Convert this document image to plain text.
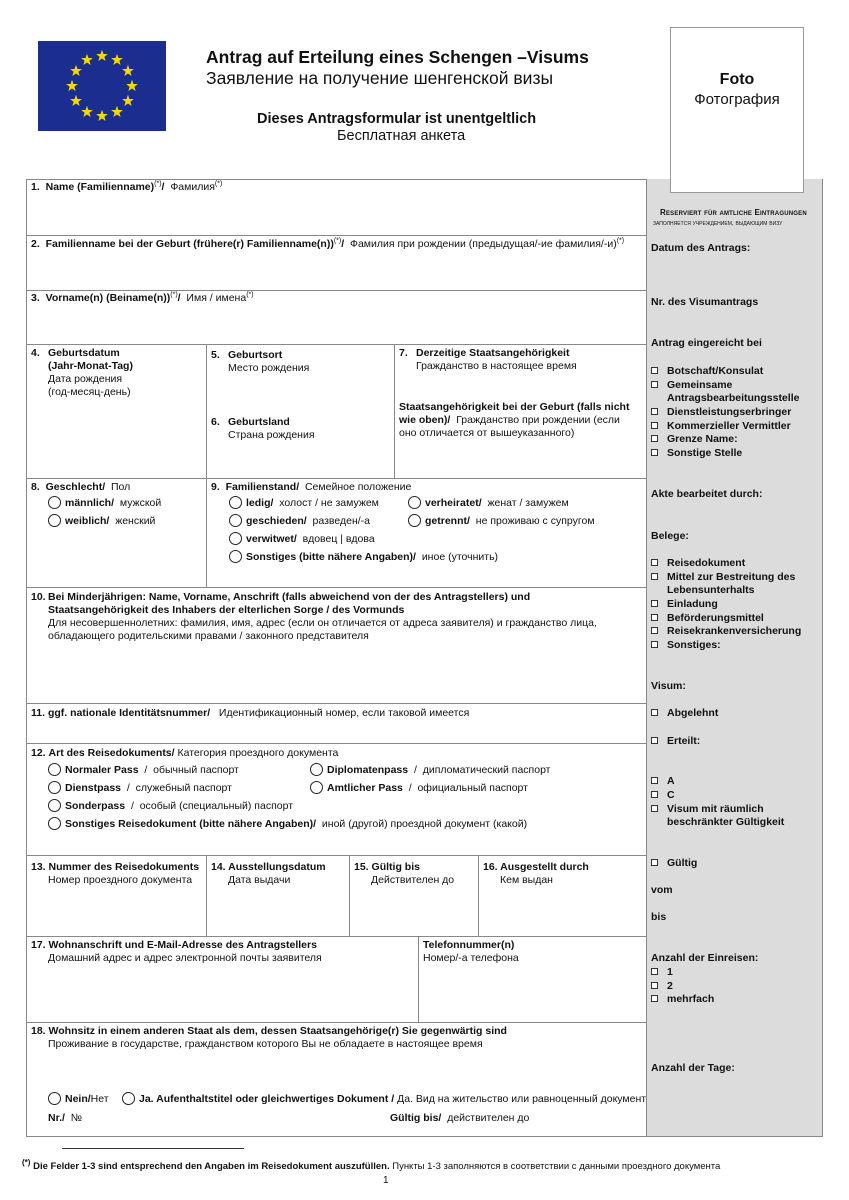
Antrag auf Erteilung eines Schengen –Visums
Заявление на получение шенгенской визы
Dieses Antragsformular ist unentgeltlich
Бесплатная анкета
Foto
Фотография
Reserviert für amtliche Eintragungen
заполняется учреждением, выдающим визу
Datum des Antrags:
Nr. des Visumantrags
Antrag eingereicht bei
Botschaft/Konsulat
Gemeinsame
Antragsbearbeitungsstelle
Dienstleistungserbringer
Kommerzieller Vermittler
Grenze Name:
Sonstige Stelle
Akte bearbeitet durch:
Belege:
Reisedokument
Mittel zur Bestreitung des
Lebensunterhalts
Einladung
Beförderungsmittel
Reisekrankenversicherung
Sonstiges:
Visum:
Abgelehnt
Erteilt:
A
C
Visum mit räumlich
beschränkter Gültigkeit
Gültig
vom
bis
Anzahl der Einreisen:
1
2
mehrfach
Anzahl der Tage:
1. Name (Familienname)(*)/ Фамилия(*)
2. Familienname bei der Geburt (frühere(r) Familienname(n))(*)/ Фамилия при рождении (предыдущая/-ие фамилия/-и)(*)
3. Vorname(n) (Beiname(n))(*)/ Имя / имена(*)
4. Geburtsdatum
(Jahr-Monat-Tag)
Дата рождения
(год-месяц-день)
5. Geburtsort
Место рождения
6. Geburtsland
Страна рождения
7. Derzeitige Staatsangehörigkeit
Гражданство в настоящее время
Staatsangehörigkeit bei der Geburt (falls nicht
wie oben)/ Гражданство при рождении (если
оно отличается от вышеуказанного)
8. Geschlecht/ Пол
männlich/ мужской
weiblich/ женский
9. Familienstand/ Семейное положение
ledig/ холост / не замужем	verheiratet/ женат / замужем
geschieden/ разведен/-а	getrennt/ не проживаю с супругом
verwitwet/ вдовец | вдова
Sonstiges (bitte nähere Angaben)/ иное (уточнить)
10. Bei Minderjährigen: Name, Vorname, Anschrift (falls abweichend von der des Antragstellers) und
Staatsangehörigkeit des Inhabers der elterlichen Sorge / des Vormunds
Для несовершеннолетних: фамилия, имя, адрес (если он отличается от адреса заявителя) и гражданство лица,
обладающего родительскими правами / законного представителя
11. ggf. nationale Identitätsnummer/ Идентификационный номер, если таковой имеется
12. Art des Reisedokuments/ Категория проездного документа
Normaler Pass  /  обычный паспорт	Diplomatenpass  /  дипломатический паспорт
Dienstpass  /  служебный паспорт	Amtlicher Pass  /  официальный паспорт
Sonderpass  /  особый (специальный) паспорт
Sonstiges Reisedokument (bitte nähere Angaben)/ иной (другой) проездной документ (какой)
13. Nummer des Reisedokuments
Номер проездного документа
14. Ausstellungsdatum
Дата выдачи
15. Gültig bis
Действителен до
16. Ausgestellt durch
Кем выдан
17. Wohnanschrift und E-Mail-Adresse des Antragstellers
Домашний адрес и адрес электронной почты заявителя
Telefonnummer(n)
Номер/-а телефона
18. Wohnsitz in einem anderen Staat als dem, dessen Staatsangehörige(r) Sie gegenwärtig sind
Проживание в государстве, гражданством которого Вы не обладаете в настоящее время
Nein/Нет	Ja. Aufenthaltstitel oder gleichwertiges Dokument / Да. Вид на жительство или равноценный документ
Nr./ №	Gültig bis/ действителен до
(*) Die Felder 1-3 sind entsprechend den Angaben im Reisedokument auszufüllen. Пункты 1-3 заполняются в соответствии с данными проездного документа
1
